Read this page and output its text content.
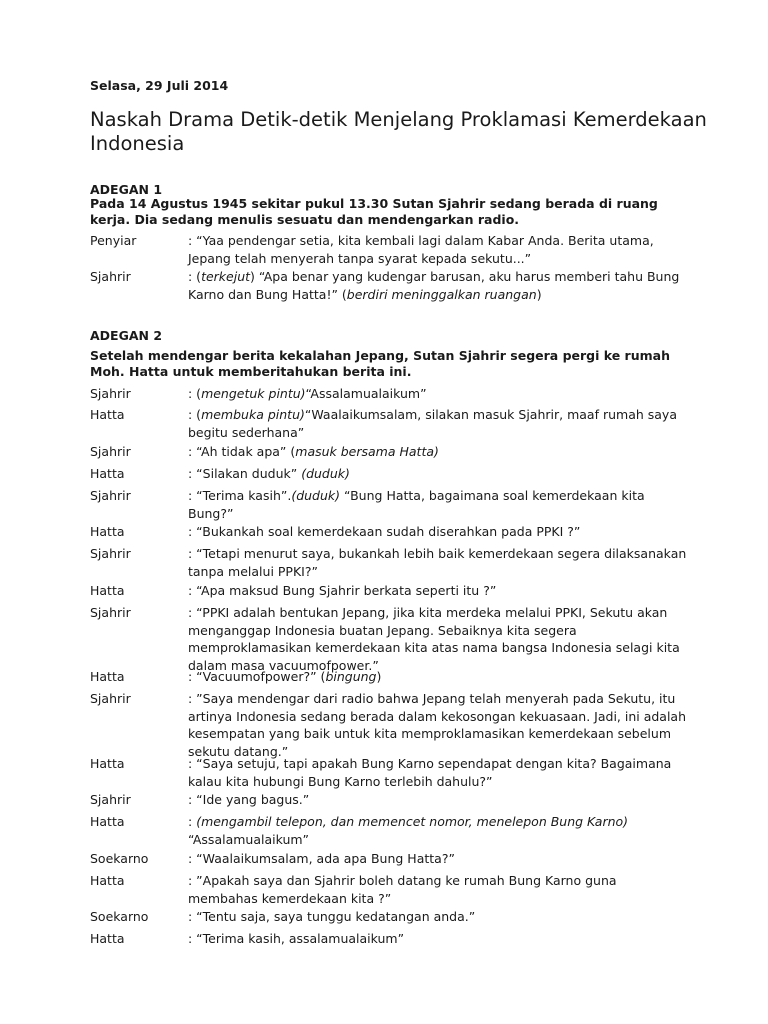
Selasa, 29 Juli 2014
Naskah Drama Detik-detik Menjelang Proklamasi Kemerdekaan Indonesia
ADEGAN 1
Pada 14 Agustus 1945 sekitar pukul 13.30 Sutan Sjahrir sedang berada di ruang kerja. Dia sedang menulis sesuatu dan mendengarkan radio.
ADEGAN 2
Setelah mendengar berita kekalahan Jepang, Sutan Sjahrir segera pergi ke rumah Moh. Hatta untuk memberitahukan berita ini.
Penyiar	: “Yaa pendengar setia, kita kembali lagi dalam Kabar Anda. Berita utama, Jepang telah menyerah tanpa syarat kepada sekutu...”
Sjahrir	: (terkejut) “Apa benar yang kudengar barusan, aku harus memberi tahu Bung Karno dan Bung Hatta!” (berdiri meninggalkan ruangan)
Sjahrir	: (mengetuk pintu)“Assalamualaikum”
Hatta	: (membuka pintu)“Waalaikumsalam, silakan masuk Sjahrir, maaf rumah saya begitu sederhana”
Sjahrir	: “Ah tidak apa” (masuk bersama Hatta)
Hatta	: “Silakan duduk” (duduk)
Sjahrir	: “Terima kasih”.(duduk) “Bung Hatta, bagaimana soal kemerdekaan kita Bung?”
Hatta	: “Bukankah soal kemerdekaan sudah diserahkan pada PPKI ?”
Sjahrir	: “Tetapi menurut saya, bukankah lebih baik kemerdekaan segera dilaksanakan tanpa melalui PPKI?”
Hatta	: “Apa maksud Bung Sjahrir berkata seperti itu ?”
Sjahrir	: “PPKI adalah bentukan Jepang, jika kita merdeka melalui PPKI, Sekutu akan menganggap Indonesia buatan Jepang. Sebaiknya kita segera memproklamasikan kemerdekaan kita atas nama bangsa Indonesia selagi kita dalam masa vacuumofpower.”
Hatta	: “Vacuumofpower?” (bingung)
Sjahrir	: ”Saya mendengar dari radio bahwa Jepang telah menyerah pada Sekutu, itu artinya Indonesia sedang berada dalam kekosongan kekuasaan. Jadi, ini adalah kesempatan yang baik untuk kita memproklamasikan kemerdekaan sebelum sekutu datang.”
Hatta	: “Saya setuju, tapi apakah Bung Karno sependapat dengan kita? Bagaimana kalau kita hubungi Bung Karno terlebih dahulu?”
Sjahrir	: “Ide yang bagus.”
Hatta	: (mengambil telepon, dan memencet nomor, menelepon Bung Karno) “Assalamualaikum”
Soekarno	: “Waalaikumsalam, ada apa Bung Hatta?”
Hatta	: ”Apakah saya dan Sjahrir boleh datang ke rumah Bung Karno guna membahas kemerdekaan kita ?”
Soekarno	: “Tentu saja, saya tunggu kedatangan anda.”
Hatta	: “Terima kasih, assalamualaikum”
